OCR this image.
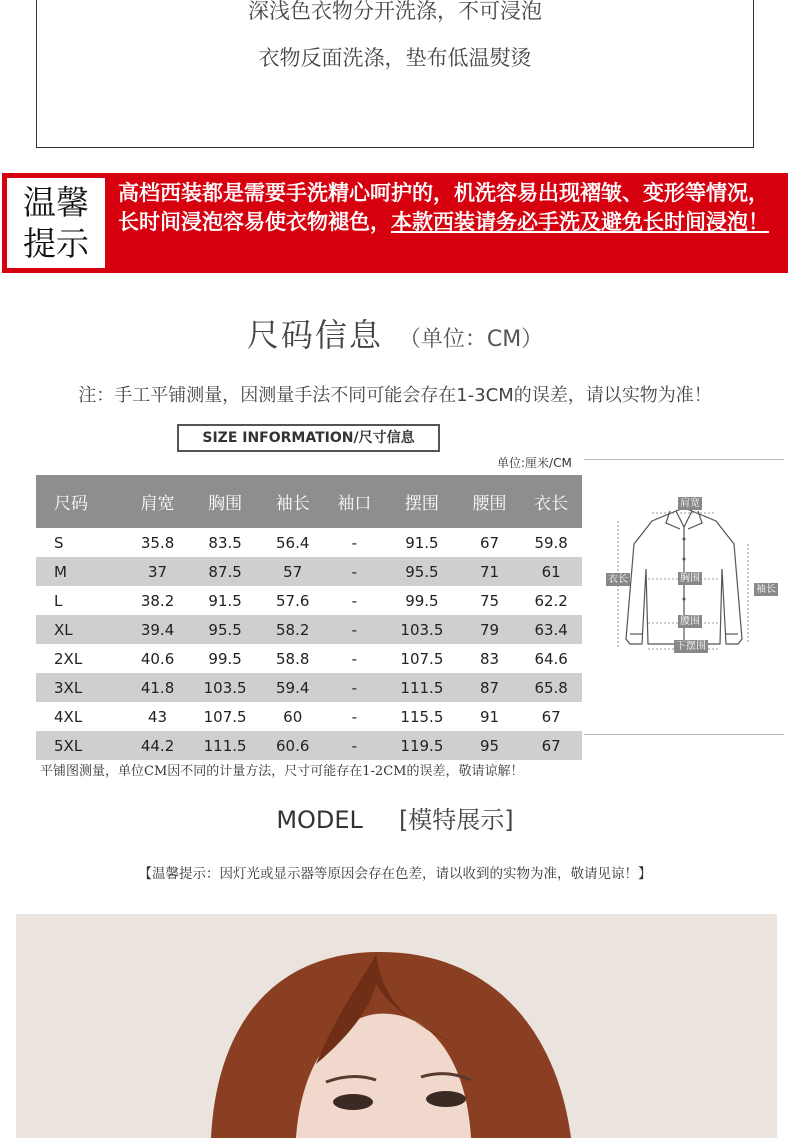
深浅色衣物分开洗涤，不可浸泡
衣物反面洗涤，垫布低温熨烫
温馨
提示
高档西装都是需要手洗精心呵护的，机洗容易出现褶皱、变形等情况，长时间浸泡容易使衣物褪色，本款西装请务必手洗及避免长时间浸泡！
尺码信息 （单位：CM）
注：手工平铺测量，因测量手法不同可能会存在1-3CM的误差，请以实物为准！
SIZE INFORMATION/尺寸信息
单位:厘米/CM
尺码	肩宽	胸围	袖长	袖口	摆围	腰围	衣长
S	35.8	83.5	56.4	-	91.5	67	59.8
M	37	87.5	57	-	95.5	71	61
L	38.2	91.5	57.6	-	99.5	75	62.2
XL	39.4	95.5	58.2	-	103.5	79	63.4
2XL	40.6	99.5	58.8	-	107.5	83	64.6
3XL	41.8	103.5	59.4	-	111.5	87	65.8
4XL	43	107.5	60	-	115.5	91	67
5XL	44.2	111.5	60.6	-	119.5	95	67
平铺图测量，单位CM因不同的计量方法，尺寸可能存在1-2CM的误差，敬请谅解！
肩宽
衣长	胸围
袖长
腰围
下摆围
MODEL [模特展示]
【温馨提示：因灯光或显示器等原因会存在色差，请以收到的实物为准，敬请见谅！】
